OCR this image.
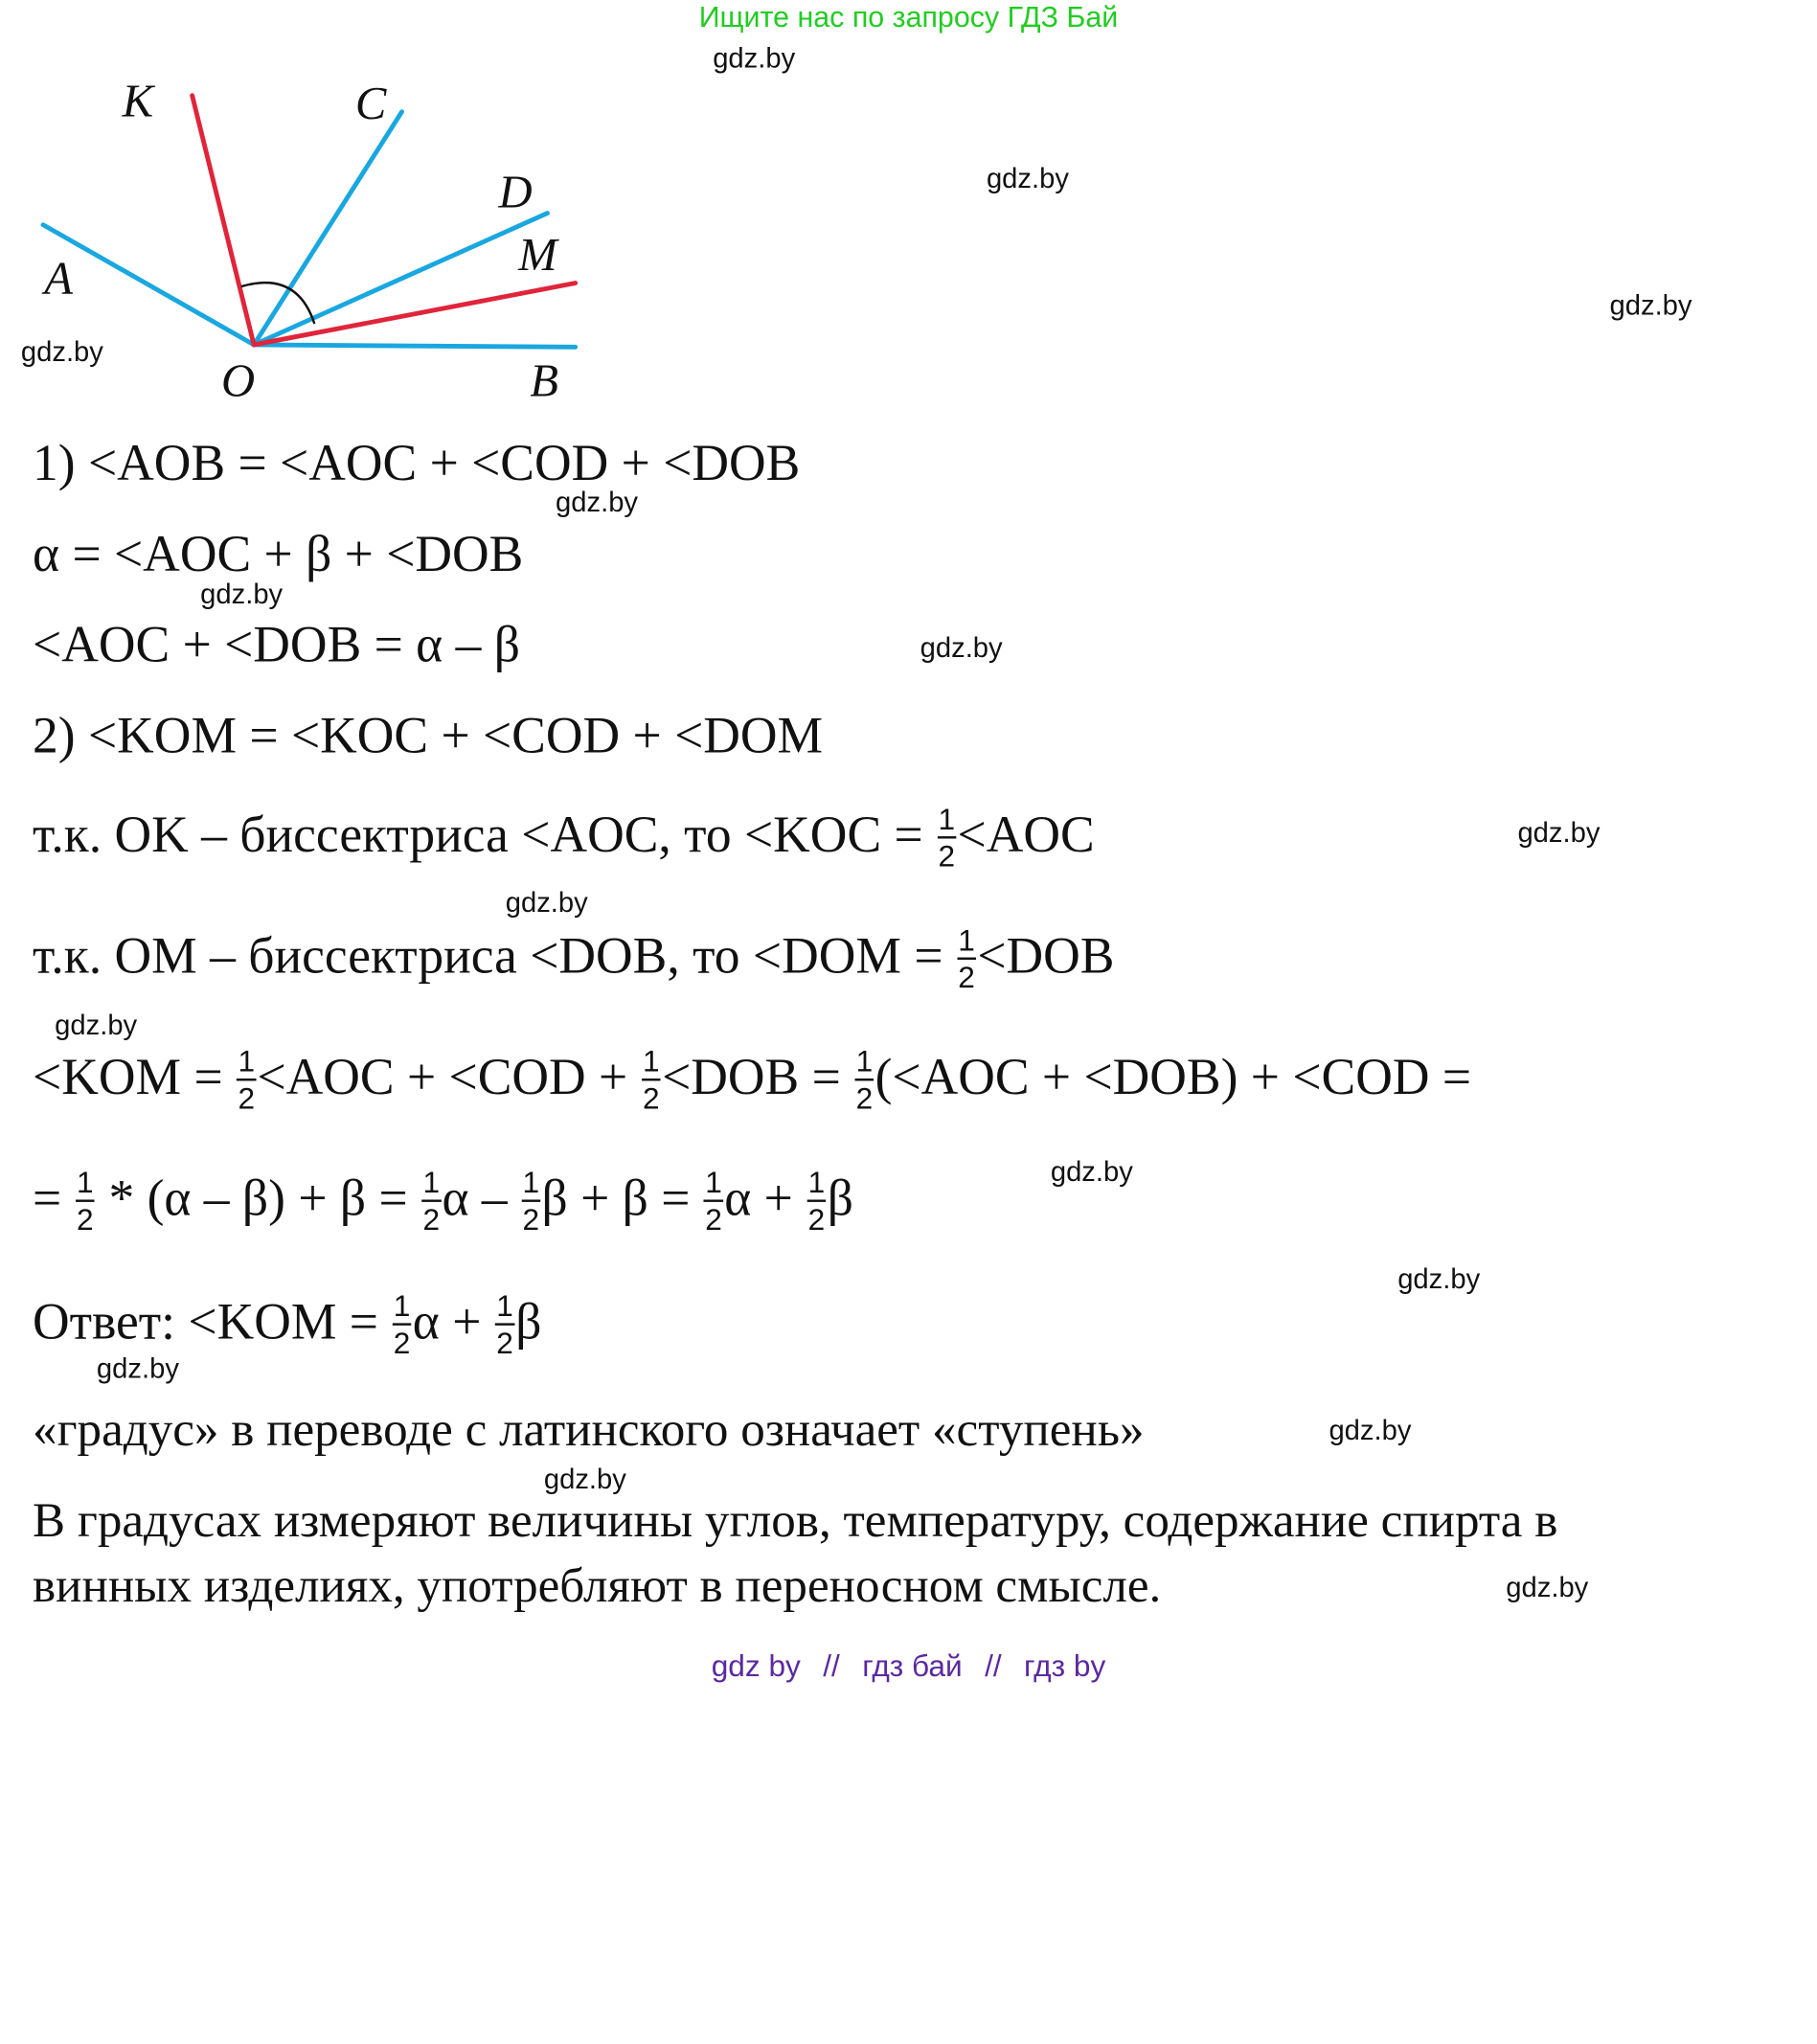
Ищите нас по запросу ГДЗ Бай
K	C
D
M
A
O	B
gdz.by
gdz.by
gdz.by
gdz.by
gdz.by
gdz.by
gdz.by
gdz.by
gdz.by
gdz.by
gdz.by
gdz.by
gdz.by
gdz.by
gdz.by
gdz.by
1) <AOB = <AOC + <COD + <DOB
α = <AOC + β + <DOB
<AOC + <DOB = α – β
2) <KOM = <KOC + <COD + <DOM
т.к. OK – биссектриса <AOC, то $<KOC = \frac{1}{2} <AOC$
т.к. OM – биссектриса <DOB, то $<DOM = \frac{1}{2} <DOB$
$<KOM = \frac{1}{2} <AOC + <COD + \frac{1}{2} <DOB = \frac{1}{2} (<AOC + <DOB) + <COD$ =
= $\frac{1}{2} * (\alpha - \beta) + \beta = \frac{1}{2}$ α – $\frac{1}{2}$ $\beta + \beta = \frac{1}{2}$ $\alpha + \frac{1}{2}$ β
Ответ: $<KOM = \frac{1}{2}$ $\alpha + \frac{1}{2}$ β
«градус» в переводе с латинского означает «ступень»
В градусах измеряют величины углов, температуру, содержание спирта в
винных изделиях, употребляют в переносном смысле.
gdz by // гдз бай // гдз by
